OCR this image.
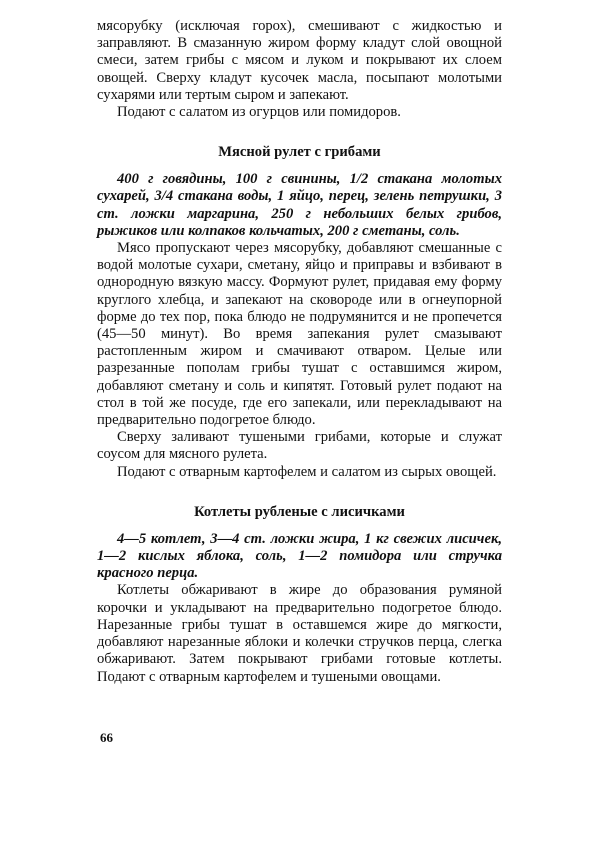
мясорубку (исключая горох), смешивают с жидкостью и заправляют. В смазанную жиром форму кладут слой овощной смеси, затем грибы с мясом и луком и покрывают их слоем овощей. Сверху кладут кусочек масла, посыпают молотыми сухарями или тертым сыром и запекают.

Подают с салатом из огурцов или помидоров.

Мясной рулет с грибами

400 г говядины, 100 г свинины, 1/2 стакана молотых сухарей, 3/4 стакана воды, 1 яйцо, перец, зелень петрушки, 3 ст. ложки маргарина, 250 г небольших белых грибов, рыжиков или колпаков кольчатых, 200 г сметаны, соль.

Мясо пропускают через мясорубку, добавляют смешанные с водой молотые сухари, сметану, яйцо и приправы и взбивают в однородную вязкую массу. Формуют рулет, придавая ему форму круглого хлебца, и запекают на сковороде или в огнеупорной форме до тех пор, пока блюдо не подрумянится и не пропечется (45—50 минут). Во время запекания рулет смазывают растопленным жиром и смачивают отваром. Целые или разрезанные пополам грибы тушат с оставшимся жиром, добавляют сметану и соль и кипятят. Готовый рулет подают на стол в той же посуде, где его запекали, или перекладывают на предварительно подогретое блюдо.

Сверху заливают тушеными грибами, которые и служат соусом для мясного рулета.

Подают с отварным картофелем и салатом из сырых овощей.

Котлеты рубленые с лисичками

4—5 котлет, 3—4 ст. ложки жира, 1 кг свежих лисичек, 1—2 кислых яблока, соль, 1—2 помидора или стручка красного перца.

Котлеты обжаривают в жире до образования румяной корочки и укладывают на предварительно подогретое блюдо. Нарезанные грибы тушат в оставшемся жире до мягкости, добавляют нарезанные яблоки и колечки стручков перца, слегка обжаривают. Затем покрывают грибами готовые котлеты. Подают с отварным картофелем и тушеными овощами.

66
